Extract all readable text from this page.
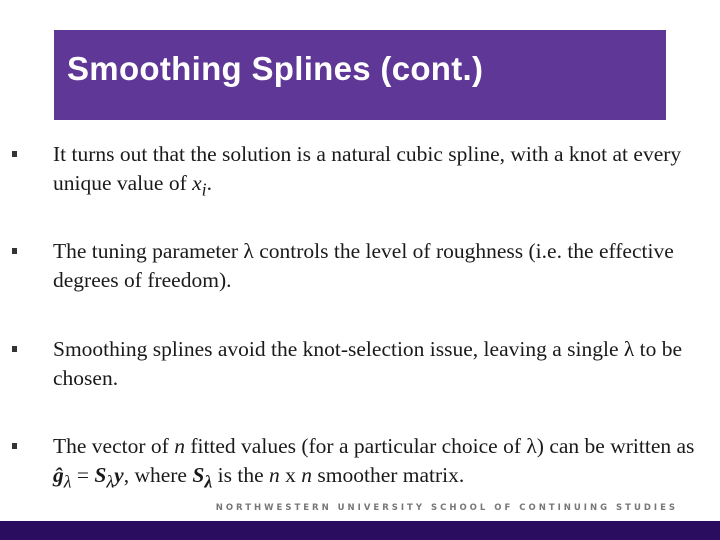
Smoothing Splines (cont.)
It turns out that the solution is a natural cubic spline, with a knot at every unique value of $x_i$.
The tuning parameter λ controls the level of roughness (i.e. the effective degrees of freedom).
Smoothing splines avoid the knot-selection issue, leaving a single λ to be chosen.
The vector of n fitted values (for a particular choice of λ) can be written as $ĝ_\lambda = S_\lambda y$, where $S_\lambda$ is the n x n smoother matrix.
NORTHWESTERN UNIVERSITY SCHOOL OF CONTINUING STUDIES
